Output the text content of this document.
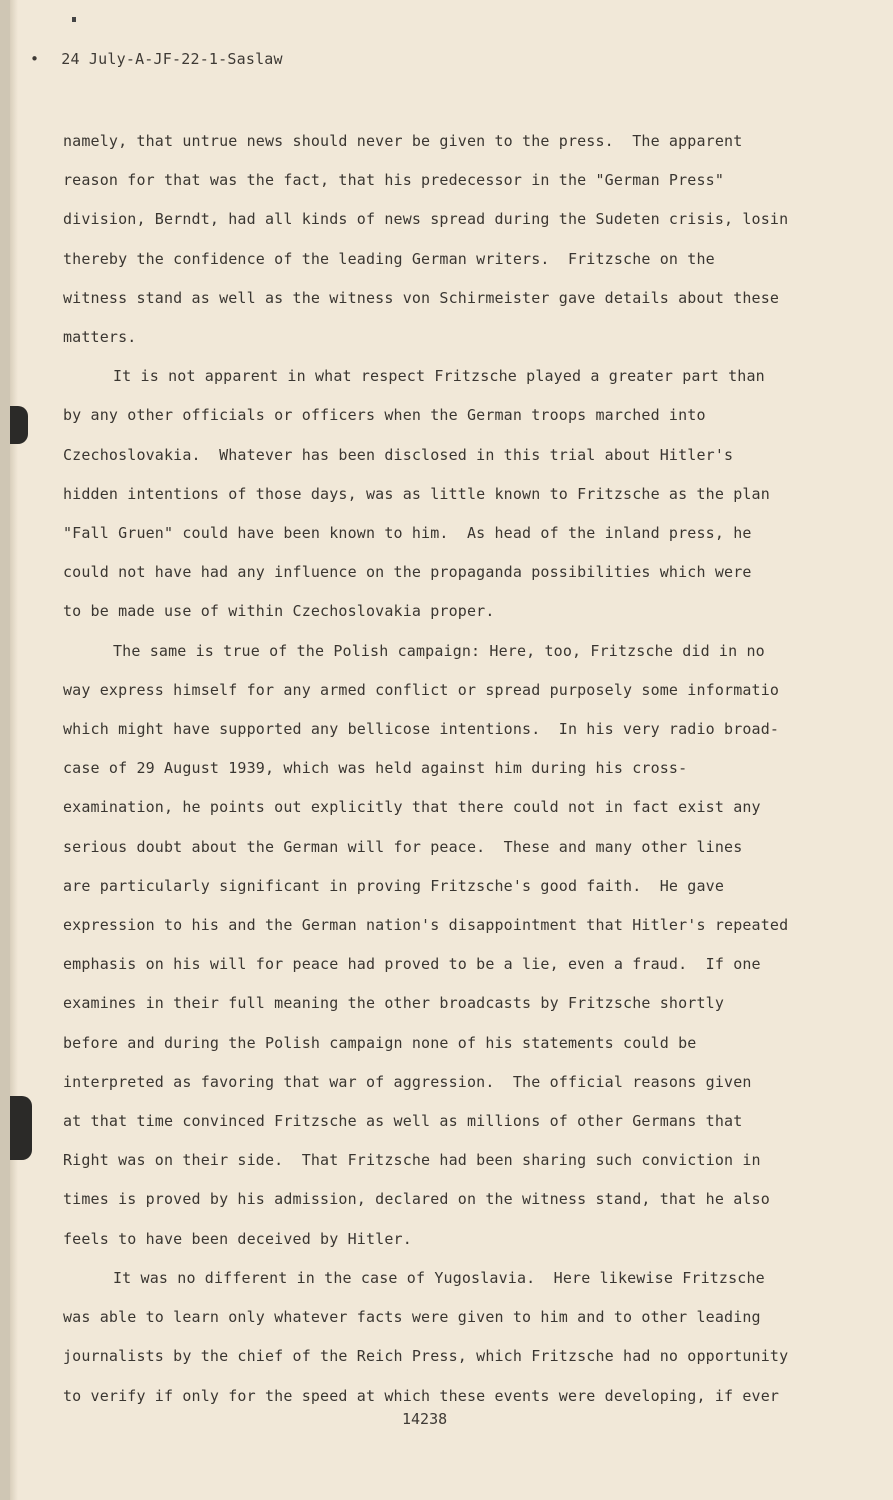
• 24 July-A-JF-22-1-Saslaw
namely, that untrue news should never be given to the press.  The apparent
reason for that was the fact, that his predecessor in the "German Press"
division, Berndt, had all kinds of news spread during the Sudeten crisis, losin
thereby the confidence of the leading German writers.  Fritzsche on the
witness stand as well as the witness von Schirmeister gave details about these
matters.
It is not apparent in what respect Fritzsche played a greater part than
by any other officials or officers when the German troops marched into
Czechoslovakia.  Whatever has been disclosed in this trial about Hitler's
hidden intentions of those days, was as little known to Fritzsche as the plan
"Fall Gruen" could have been known to him.  As head of the inland press, he
could not have had any influence on the propaganda possibilities which were
to be made use of within Czechoslovakia proper.
The same is true of the Polish campaign: Here, too, Fritzsche did in no
way express himself for any armed conflict or spread purposely some informatio
which might have supported any bellicose intentions.  In his very radio broad-
case of 29 August 1939, which was held against him during his cross-
examination, he points out explicitly that there could not in fact exist any
serious doubt about the German will for peace.  These and many other lines
are particularly significant in proving Fritzsche's good faith.  He gave
expression to his and the German nation's disappointment that Hitler's repeated
emphasis on his will for peace had proved to be a lie, even a fraud.  If one
examines in their full meaning the other broadcasts by Fritzsche shortly
before and during the Polish campaign none of his statements could be
interpreted as favoring that war of aggression.  The official reasons given
at that time convinced Fritzsche as well as millions of other Germans that
Right was on their side.  That Fritzsche had been sharing such conviction in
times is proved by his admission, declared on the witness stand, that he also
feels to have been deceived by Hitler.
It was no different in the case of Yugoslavia.  Here likewise Fritzsche
was able to learn only whatever facts were given to him and to other leading
journalists by the chief of the Reich Press, which Fritzsche had no opportunity
to verify if only for the speed at which these events were developing, if ever
14238
